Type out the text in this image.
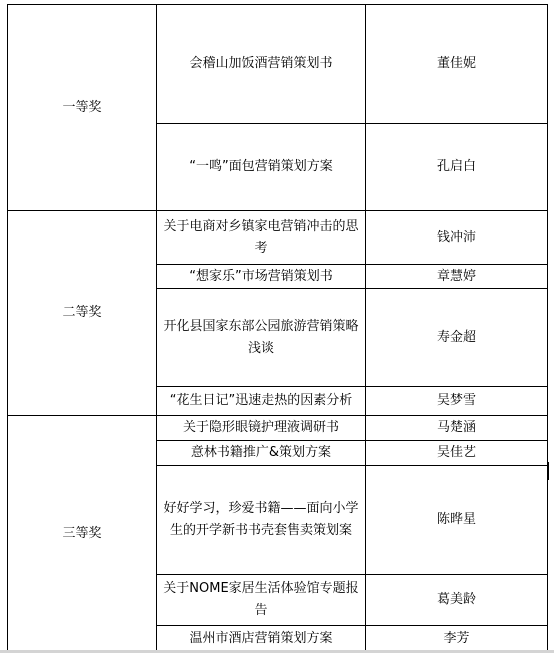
一等奖	会稽山加饭酒营销策划书	董佳妮
	“一鸣”面包营销策划方案	孔启白
二等奖	关于电商对乡镇家电营销冲击的思考	钱冲沛
	“想家乐”市场营销策划书	章慧婷
	开化县国家东部公园旅游营销策略浅谈	寿金超
	“花生日记”迅速走热的因素分析	吴梦雪
三等奖	关于隐形眼镜护理液调研书	马楚涵
	意林书籍推广&策划方案	吴佳艺
	好好学习，珍爱书籍——面向小学生的开学新书书壳套售卖策划案	陈晔星
	关于NOME家居生活体验馆专题报告	葛美龄
	温州市酒店营销策划方案	李芳
